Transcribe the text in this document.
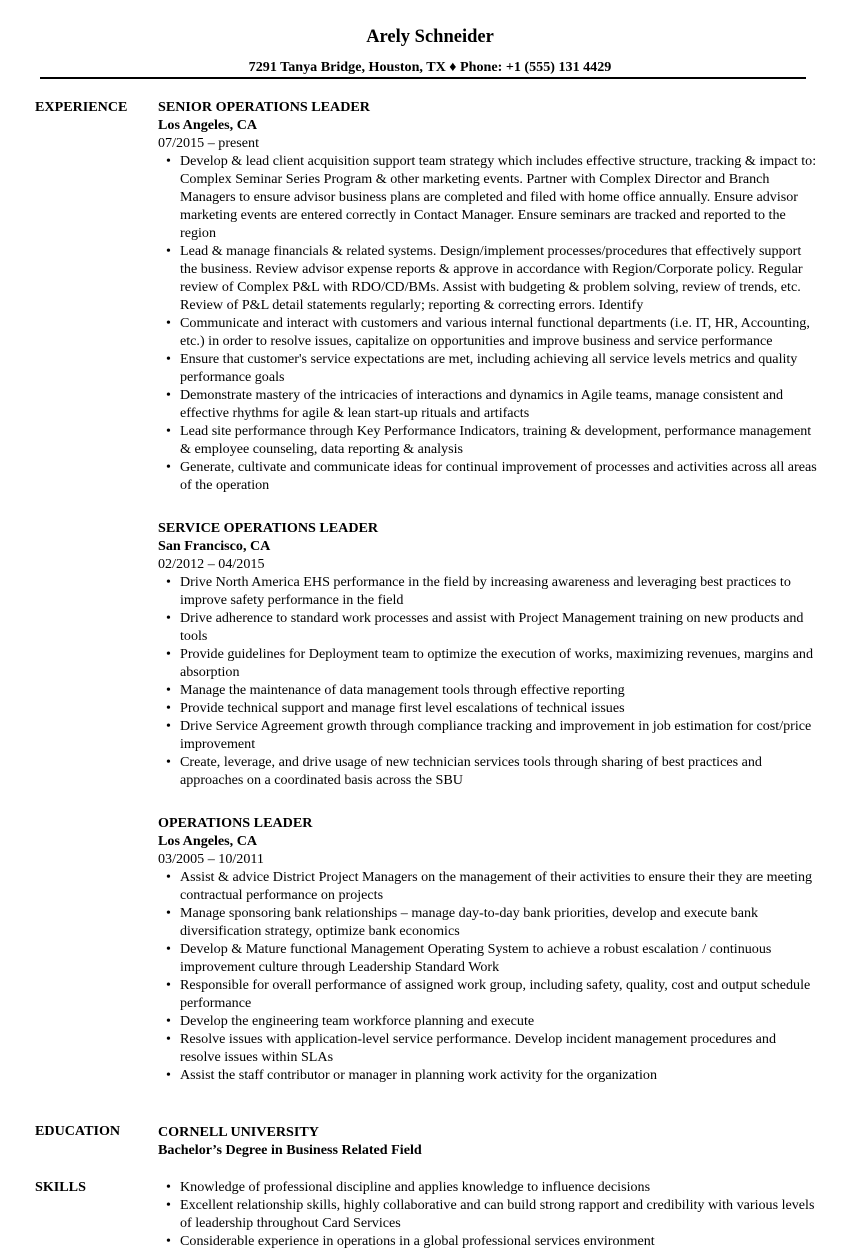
Arely Schneider
7291 Tanya Bridge, Houston, TX ♦ Phone: +1 (555) 131 4429
EXPERIENCE SENIOR OPERATIONS LEADER
Los Angeles, CA
07/2015 – present
• Develop & lead client acquisition support team strategy which includes effective structure, tracking & impact to: Complex Seminar Series Program & other marketing events. Partner with Complex Director and Branch Managers to ensure advisor business plans are completed and filed with home office annually. Ensure advisor marketing events are entered correctly in Contact Manager. Ensure seminars are tracked and reported to the region
• Lead & manage financials & related systems. Design/implement processes/procedures that effectively support the business. Review advisor expense reports & approve in accordance with Region/Corporate policy. Regular review of Complex P&L with RDO/CD/BMs. Assist with budgeting & problem solving, review of trends, etc. Review of P&L detail statements regularly; reporting & correcting errors. Identify
• Communicate and interact with customers and various internal functional departments (i.e. IT, HR, Accounting, etc.) in order to resolve issues, capitalize on opportunities and improve business and service performance
• Ensure that customer's service expectations are met, including achieving all service levels metrics and quality performance goals
• Demonstrate mastery of the intricacies of interactions and dynamics in Agile teams, manage consistent and effective rhythms for agile & lean start-up rituals and artifacts
• Lead site performance through Key Performance Indicators, training & development, performance management & employee counseling, data reporting & analysis
• Generate, cultivate and communicate ideas for continual improvement of processes and activities across all areas of the operation
SERVICE OPERATIONS LEADER
San Francisco, CA
02/2012 – 04/2015
• Drive North America EHS performance in the field by increasing awareness and leveraging best practices to improve safety performance in the field
• Drive adherence to standard work processes and assist with Project Management training on new products and tools
• Provide guidelines for Deployment team to optimize the execution of works, maximizing revenues, margins and absorption
• Manage the maintenance of data management tools through effective reporting
• Provide technical support and manage first level escalations of technical issues
• Drive Service Agreement growth through compliance tracking and improvement in job estimation for cost/price improvement
• Create, leverage, and drive usage of new technician services tools through sharing of best practices and approaches on a coordinated basis across the SBU
OPERATIONS LEADER
Los Angeles, CA
03/2005 – 10/2011
• Assist & advice District Project Managers on the management of their activities to ensure their they are meeting contractual performance on projects
• Manage sponsoring bank relationships – manage day-to-day bank priorities, develop and execute bank diversification strategy, optimize bank economics
• Develop & Mature functional Management Operating System to achieve a robust escalation / continuous improvement culture through Leadership Standard Work
• Responsible for overall performance of assigned work group, including safety, quality, cost and output schedule performance
• Develop the engineering team workforce planning and execute
• Resolve issues with application-level service performance. Develop incident management procedures and resolve issues within SLAs
• Assist the staff contributor or manager in planning work activity for the organization
EDUCATION	CORNELL UNIVERSITY
Bachelor’s Degree in Business Related Field
SKILLS
•	Knowledge of professional discipline and applies knowledge to influence decisions
• Excellent relationship skills, highly collaborative and can build strong rapport and credibility with various levels of leadership throughout Card Services
• Considerable experience in operations in a global professional services environment
